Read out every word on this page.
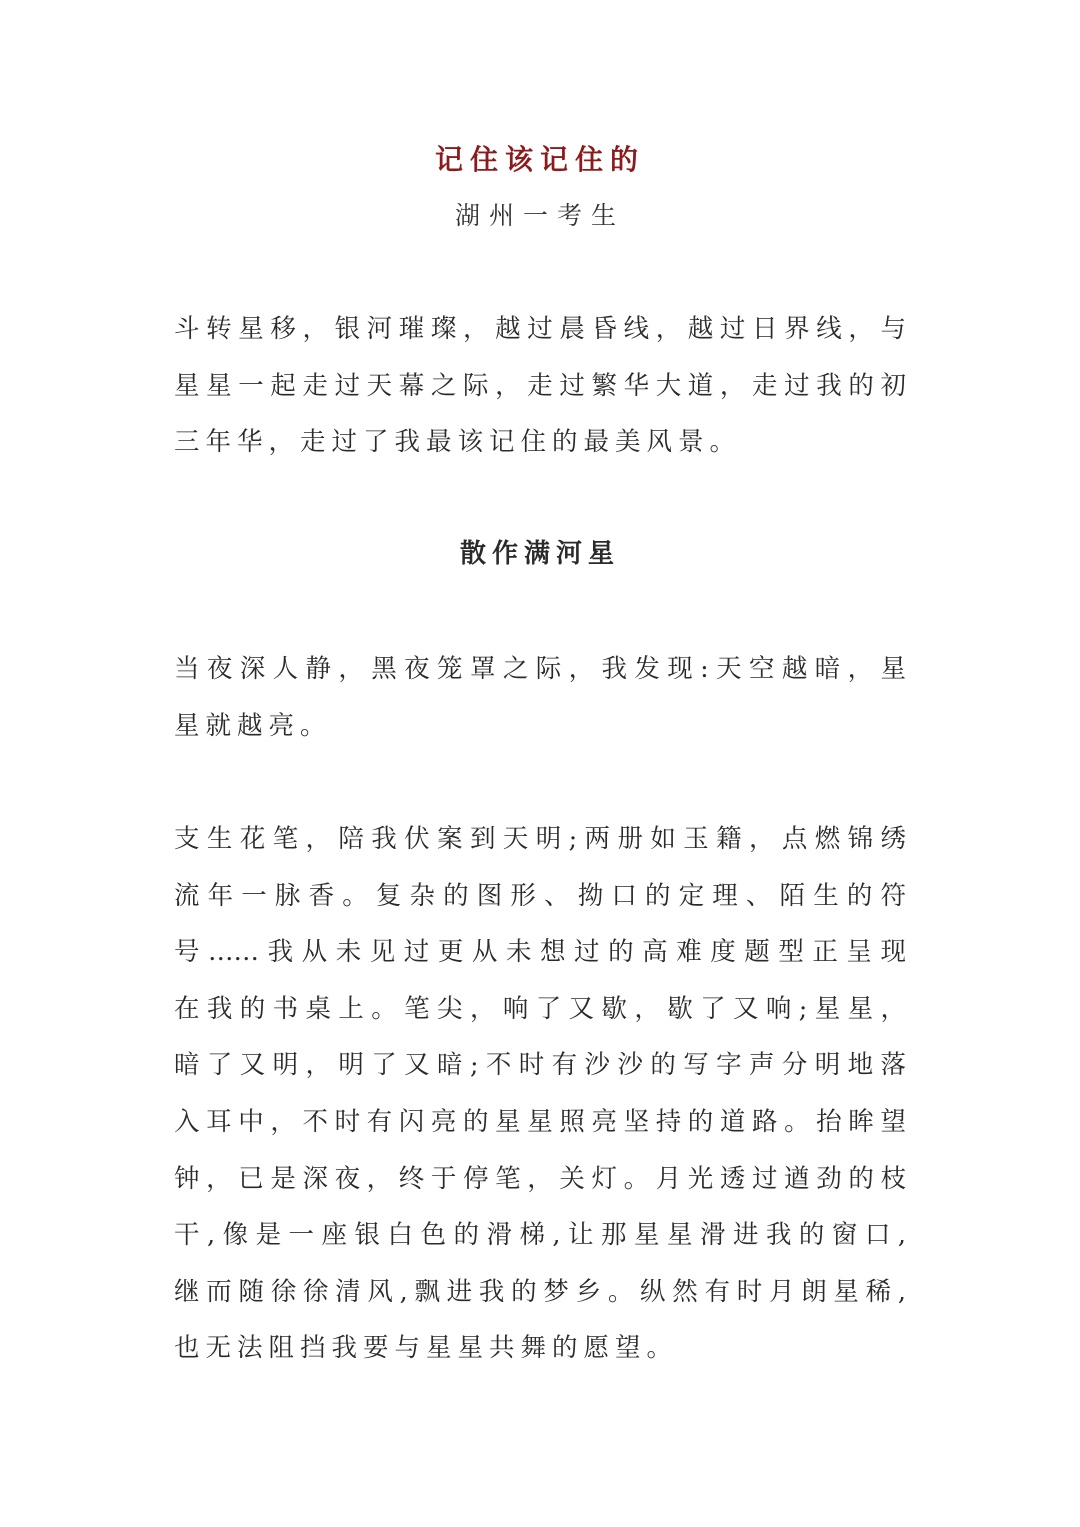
记住该记住的
湖州一考生
斗转星移，银河璀璨，越过晨昏线，越过日界线，与
星星一起走过天幕之际，走过繁华大道，走过我的初
三年华，走过了我最该记住的最美风景。
散作满河星
当夜深人静，黑夜笼罩之际，我发现:天空越暗，星
星就越亮。
支生花笔，陪我伏案到天明;两册如玉籍，点燃锦绣
流年一脉香。复杂的图形、拗口的定理、陌生的符
号……我从未见过更从未想过的高难度题型正呈现
在我的书桌上。笔尖，响了又歇，歇了又响;星星，
暗了又明，明了又暗;不时有沙沙的写字声分明地落
入耳中，不时有闪亮的星星照亮坚持的道路。抬眸望
钟，已是深夜，终于停笔，关灯。月光透过遒劲的枝
干,像是一座银白色的滑梯,让那星星滑进我的窗口,
继而随徐徐清风,飘进我的梦乡。纵然有时月朗星稀,
也无法阻挡我要与星星共舞的愿望。
